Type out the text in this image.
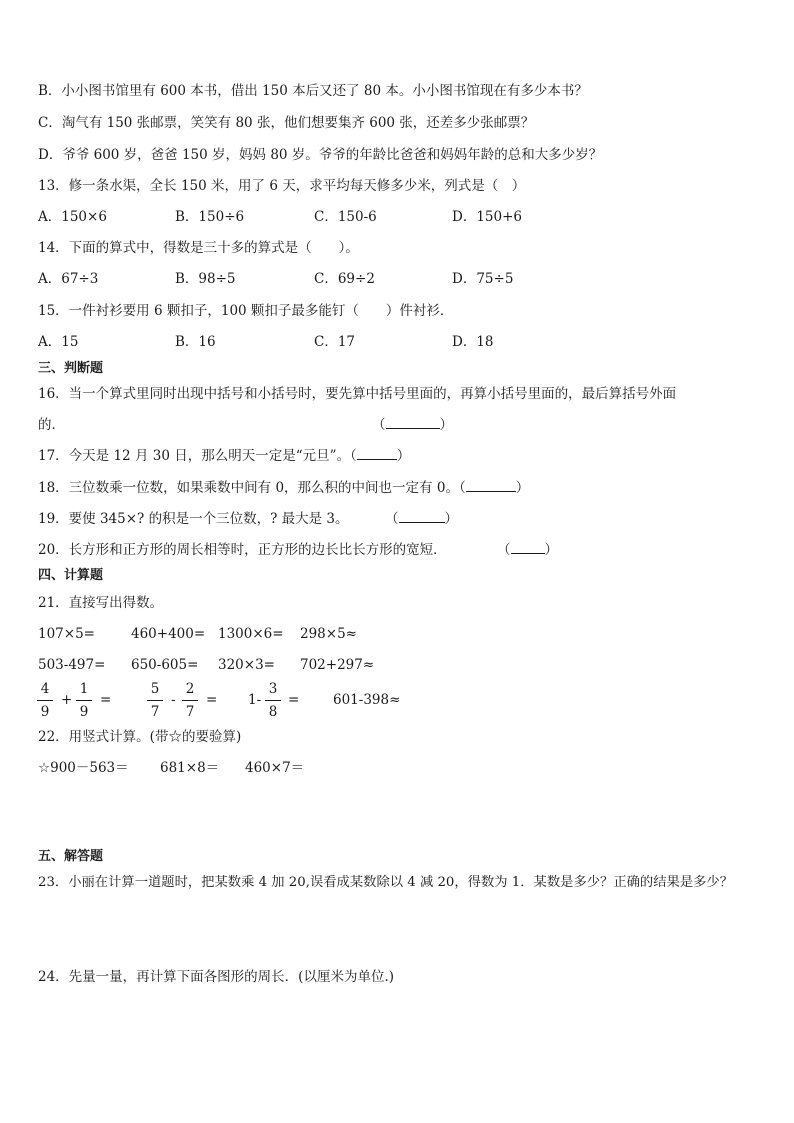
B．小小图书馆里有 600 本书，借出 150 本后又还了 80 本。小小图书馆现在有多少本书？
C．淘气有 150 张邮票，笑笑有 80 张，他们想要集齐 600 张，还差多少张邮票？
D．爷爷 600 岁，爸爸 150 岁，妈妈 80 岁。爷爷的年龄比爸爸和妈妈年龄的总和大多少岁？
13．修一条水渠，全长 150 米，用了 6 天，求平均每天修多少米，列式是（　）
A．150×6	B．150÷6	C．150-6	D．150+6
14．下面的算式中，得数是三十多的算式是（　　）。
A．67÷3	B．98÷5	C．69÷2	D．75÷5
15．一件衬衫要用 6 颗扣子，100 颗扣子最多能钉（　　）件衬衫．
A．15	B．16	C．17	D．18
三、判断题
16．当一个算式里同时出现中括号和小括号时，要先算中括号里面的，再算小括号里面的，最后算括号外面
的．	（	）
17．今天是 12 月 30 日，那么明天一定是“元旦”。（	）
18．三位数乘一位数，如果乘数中间有 0，那么积的中间也一定有 0。（	）
19．要使 345×? 的积是一个三位数，? 最大是 3。	（	）
20．长方形和正方形的周长相等时，正方形的边长比长方形的宽短．	（	）
四、计算题
21．直接写出得数。
107×5=	460+400= 1300×6= 298×5≈
503-497= 650-605= 320×3= 702+297≈
4
9
+
1
9
=
5
7
-
2
7
= 1-
3
8
= 601-398≈
22．用竖式计算。(带☆的要验算)
☆900－563＝ 681×8＝ 460×7＝
五、解答题
23．小丽在计算一道题时，把某数乘 4 加 20,误看成某数除以 4 减 20，得数为 1．某数是多少？正确的结果是多少？
24．先量一量，再计算下面各图形的周长．(以厘米为单位.)
